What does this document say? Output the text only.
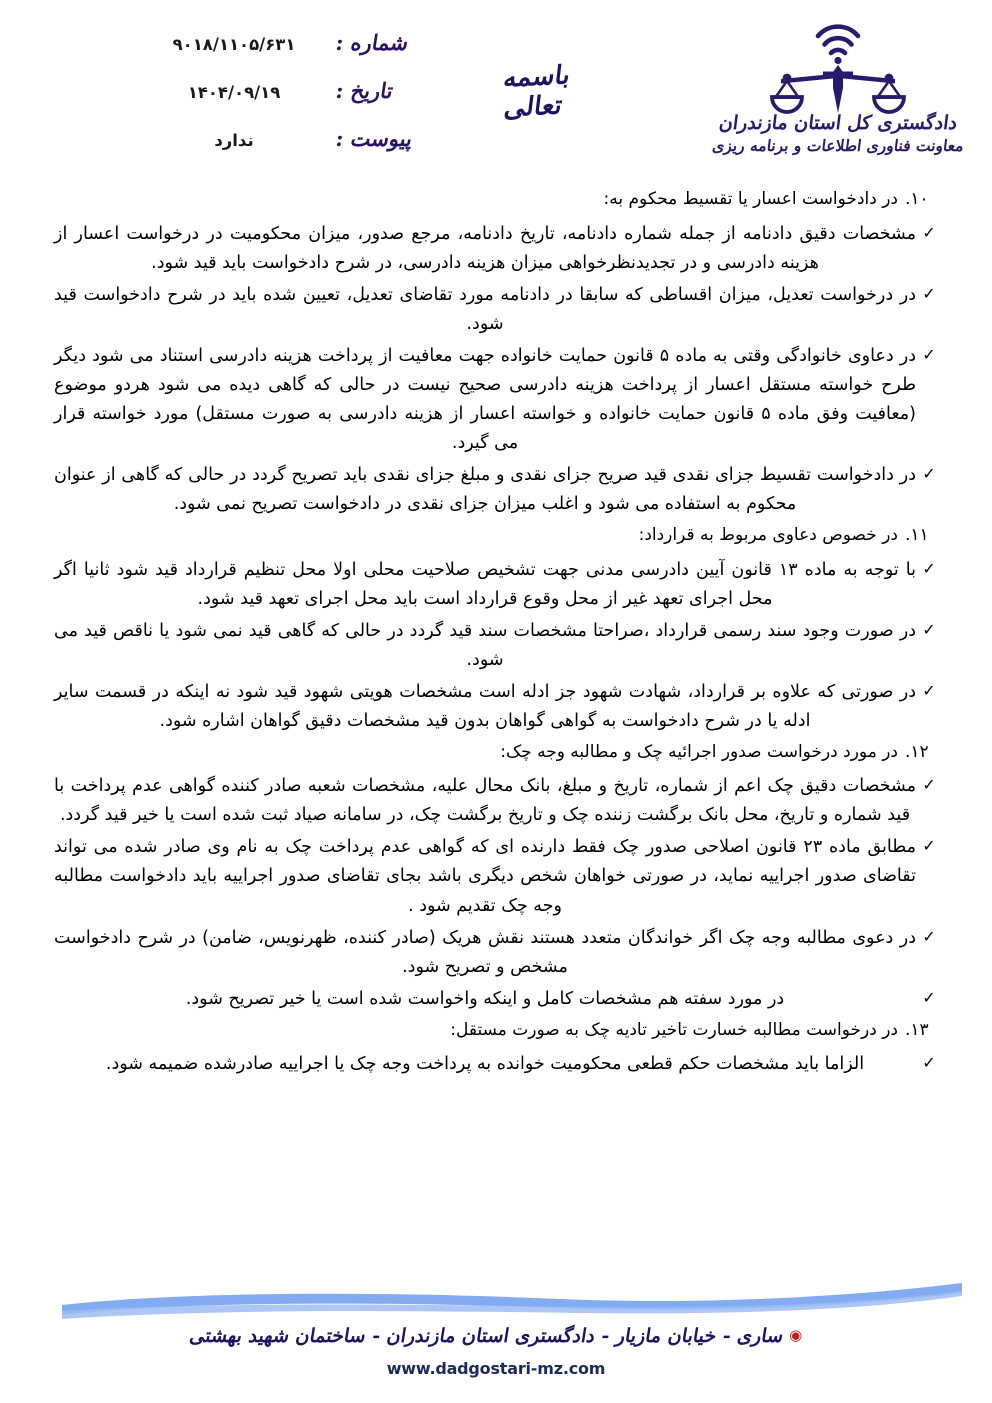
دادگستری کل استان مازندران
معاونت فناوری اطلاعات و برنامه ریزی
باسمه تعالی
شماره :
۹۰۱۸/۱۱۰۵/۶۳۱
تاریخ :
۱۴۰۴/۰۹/۱۹
پیوست :
ندارد
۱۰.
در دادخواست اعسار یا تقسیط محکوم به:
✓
مشخصات دقیق دادنامه از جمله شماره دادنامه، تاریخ دادنامه، مرجع صدور، میزان محکومیت در درخواست اعسار از هزینه دادرسی و در تجدیدنظرخواهی میزان هزینه دادرسی، در شرح دادخواست باید قید شود.
✓
در درخواست تعدیل، میزان اقساطی که سابقا در دادنامه مورد تقاضای تعدیل، تعیین شده باید در شرح دادخواست قید شود.
✓
در دعاوی خانوادگی وقتی به ماده ۵ قانون حمایت خانواده جهت معافیت از پرداخت هزینه دادرسی استناد می شود دیگر طرح خواسته مستقل اعسار از پرداخت هزینه دادرسی صحیح نیست در حالی که گاهی دیده می شود هردو موضوع (معافیت وفق ماده ۵ قانون حمایت خانواده و خواسته اعسار از هزینه دادرسی به صورت مستقل) مورد خواسته قرار می گیرد.
✓
در دادخواست تقسیط جزای نقدی قید صریح جزای نقدی و مبلغ جزای نقدی باید تصریح گردد در حالی که گاهی از عنوان محکوم به استفاده می شود و اغلب میزان جزای نقدی در دادخواست تصریح نمی شود.
۱۱.
در خصوص دعاوی مربوط به قرارداد:
✓
با توجه به ماده ۱۳ قانون آیین دادرسی مدنی جهت تشخیص صلاحیت محلی اولا محل تنظیم قرارداد قید شود ثانیا اگر محل اجرای تعهد غیر از محل وقوع قرارداد است باید محل اجرای تعهد قید شود.
✓
در صورت وجود سند رسمی قرارداد ،صراحتا مشخصات سند قید گردد در حالی که گاهی قید نمی شود یا ناقص قید می شود.
✓
در صورتی که علاوه بر قرارداد، شهادت شهود جز ادله است مشخصات هویتی شهود قید شود نه اینکه در قسمت سایر ادله یا در شرح دادخواست به گواهی گواهان بدون قید مشخصات دقیق گواهان اشاره شود.
۱۲.
در مورد درخواست صدور اجرائیه چک و مطالبه وجه چک:
✓
مشخصات دقیق چک اعم از شماره، تاریخ و مبلغ، بانک محال علیه، مشخصات شعبه صادر کننده گواهی عدم پرداخت با قید شماره و تاریخ، محل بانک برگشت زننده چک و تاریخ برگشت چک، در سامانه صیاد ثبت شده است یا خیر قید گردد.
✓
مطابق ماده ۲۳ قانون اصلاحی صدور چک فقط دارنده ای که گواهی عدم پرداخت چک به نام وی صادر شده می تواند تقاضای صدور اجراییه نماید، در صورتی خواهان شخص دیگری باشد بجای تقاضای صدور اجراییه باید دادخواست مطالبه وجه چک تقدیم شود .
✓
در دعوی مطالبه وجه چک اگر خواندگان متعدد هستند نقش هریک (صادر کننده، ظهرنویس، ضامن) در شرح دادخواست مشخص و تصریح شود.
✓
در مورد سفته هم مشخصات کامل و اینکه واخواست شده است یا خیر تصریح شود.
۱۳.
در درخواست مطالبه خسارت تاخیر تادیه چک به صورت مستقل:
✓
الزاما باید مشخصات حکم قطعی محکومیت خوانده به پرداخت وجه چک یا اجراییه صادرشده ضمیمه شود.
◉ساری - خیابان مازیار - دادگستری استان مازندران - ساختمان شهید بهشتی
www.dadgostari-mz.com
